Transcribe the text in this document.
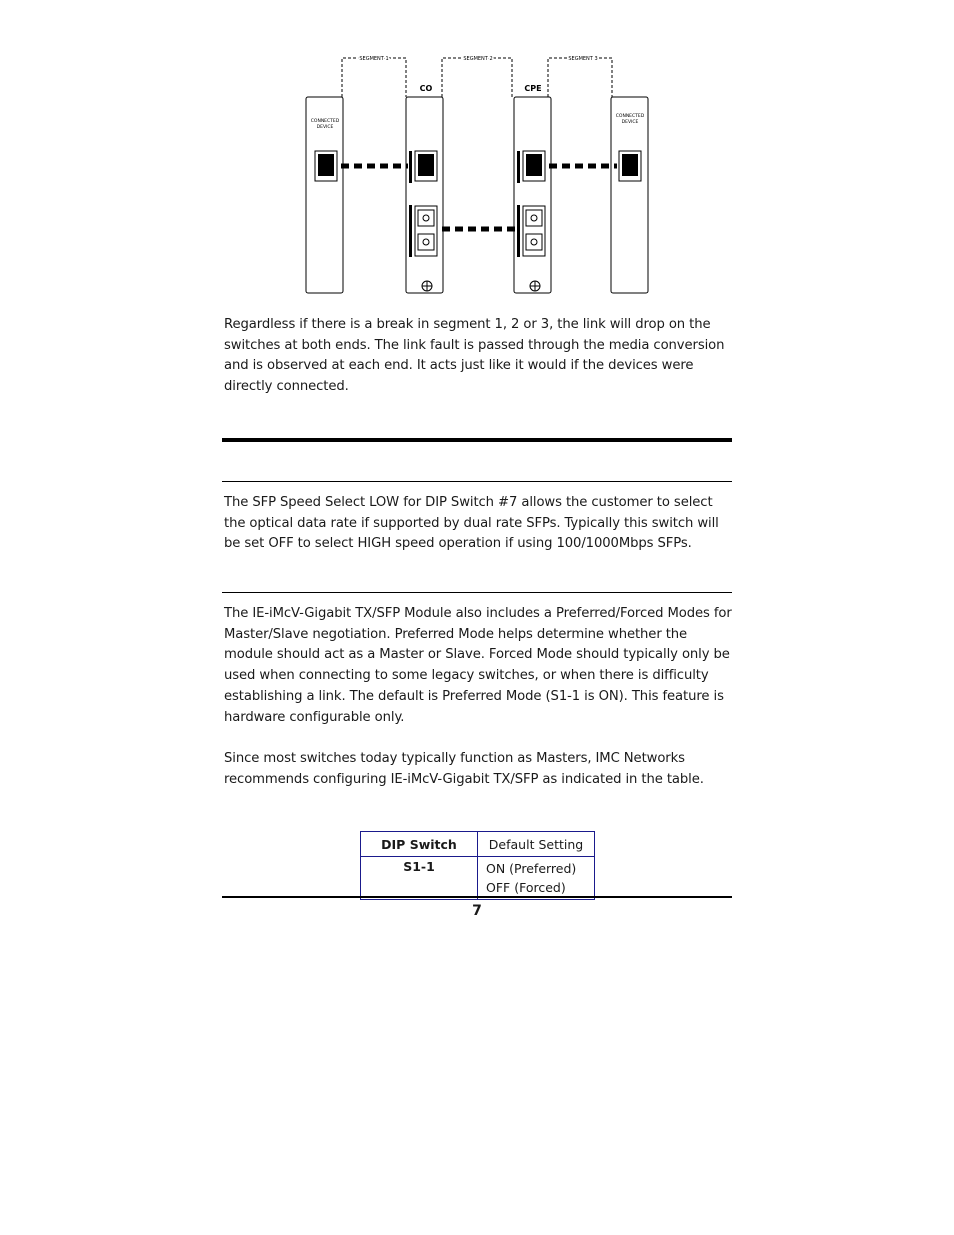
SEGMENT 1	SEGMENT 2	SEGMENT 3
CO	CPE
CONNECTED
DEVICE
CONNECTED
DEVICE

Regardless if there is a break in segment 1, 2 or 3, the link will drop on the switches at both ends. The link fault is passed through the media conversion and is observed at each end. It acts just like it would if the devices were directly connected.

The SFP Speed Select LOW for DIP Switch #7 allows the customer to select the optical data rate if supported by dual rate SFPs. Typically this switch will be set OFF to select HIGH speed operation if using 100/1000Mbps SFPs.

The IE-iMcV-Gigabit TX/SFP Module also includes a Preferred/Forced Modes for Master/Slave negotiation. Preferred Mode helps determine whether the module should act as a Master or Slave. Forced Mode should typically only be used when connecting to some legacy switches, or when there is difficulty establishing a link. The default is Preferred Mode (S1-1 is ON). This feature is hardware configurable only.

Since most switches today typically function as Masters, IMC Networks recommends configuring IE-iMcV-Gigabit TX/SFP as indicated in the table.

DIP Switch	Default Setting
S1-1	ON (Preferred)
OFF (Forced)
7
